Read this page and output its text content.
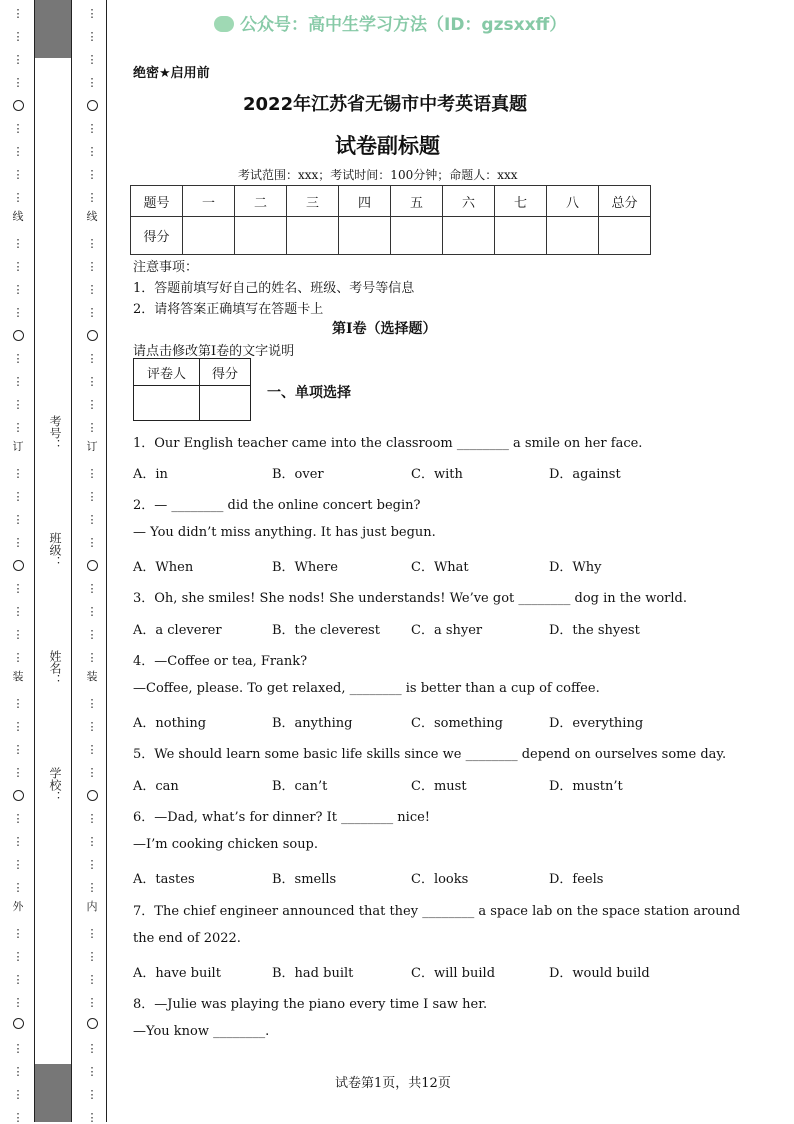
⋮
⋮
⋮
⋮
⋮
⋮
⋮
⋮
⋮
⋮
⋮
⋮
⋮
⋮
⋮
⋮
⋮
⋮
⋮
⋮
⋮
⋮
⋮
⋮
⋮
⋮
⋮
⋮
⋮
⋮
⋮
⋮
⋮
⋮
⋮
⋮
⋮
⋮
⋮
⋮
⋮
⋮
⋮
⋮
⋮
⋮
⋮
⋮
⋮
⋮
⋮
⋮
⋮
⋮
⋮
⋮
⋮
⋮
⋮
⋮
⋮
⋮
⋮
⋮
⋮
⋮
⋮
⋮
⋮
⋮
⋮
⋮
⋮
⋮
⋮
⋮
⋮
⋮
⋮
⋮
线
订
装
外
线
订
装
内
考号：
班级：
姓名：
学校：
公众号：高中生学习方法（ID：gzsxxff）
绝密★启用前
2022年江苏省无锡市中考英语真题
试卷副标题
考试范围：xxx；考试时间：100分钟；命题人：xxx
题号	一	二	三	四	五	六	七	八	总分
得分									
注意事项：
1．答题前填写好自己的姓名、班级、考号等信息
2．请将答案正确填写在答题卡上
第I卷（选择题）
请点击修改第I卷的文字说明
评卷人	得分

一、单项选择
1．Our English teacher came into the classroom ________ a smile on her face.
A．in	B．over	C．with	D．against
2．— ________ did the online concert begin?
— You didn’t miss anything. It has just begun.
A．When	B．Where	C．What	D．Why
3．Oh, she smiles! She nods! She understands! We’ve got ________ dog in the world.
A．a cleverer	B．the cleverest C．a shyer	D．the shyest
4．—Coffee or tea, Frank?
—Coffee, please. To get relaxed, ________ is better than a cup of coffee.
A．nothing	B．anything	C．something	D．everything
5．We should learn some basic life skills since we ________ depend on ourselves some day.
A．can	B．can’t	C．must	D．mustn’t
6．—Dad, what’s for dinner? It ________ nice!
—I’m cooking chicken soup.
A．tastes	B．smells	C．looks	D．feels
7．The chief engineer announced that they ________ a space lab on the space station around
the end of 2022.
A．have built	B．had built	C．will build	D．would build
8．—Julie was playing the piano every time I saw her.
—You know ________.
试卷第1页，共12页
